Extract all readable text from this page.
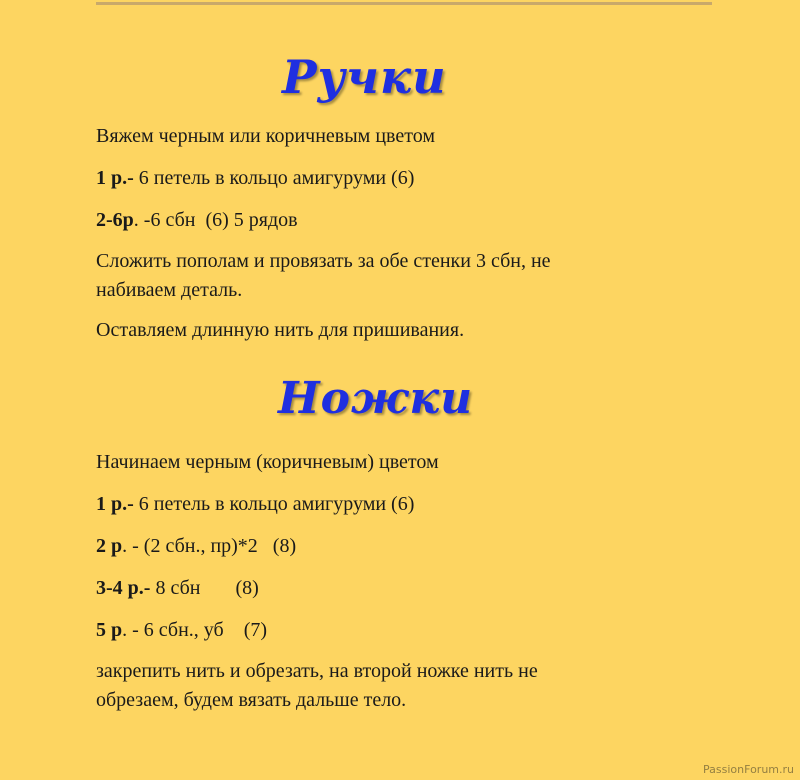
Ручки

Вяжем черным или коричневым цветом

1 р.- 6 петель в кольцо амигуруми (6)

2-6р. -6 сбн  (6) 5 рядов

Сложить пополам и провязать за обе стенки 3 сбн, не

набиваем деталь.

Оставляем длинную нить для пришивания.

Ножки

Начинаем черным (коричневым) цветом

1 р.- 6 петель в кольцо амигуруми (6)

2 р. - (2 сбн., пр)*2   (8)

3-4 р.- 8 сбн       (8)

5 р. - 6 сбн., уб    (7)

закрепить нить и обрезать, на второй ножке нить не

обрезаем, будем вязать дальше тело.

PassionForum.ru
